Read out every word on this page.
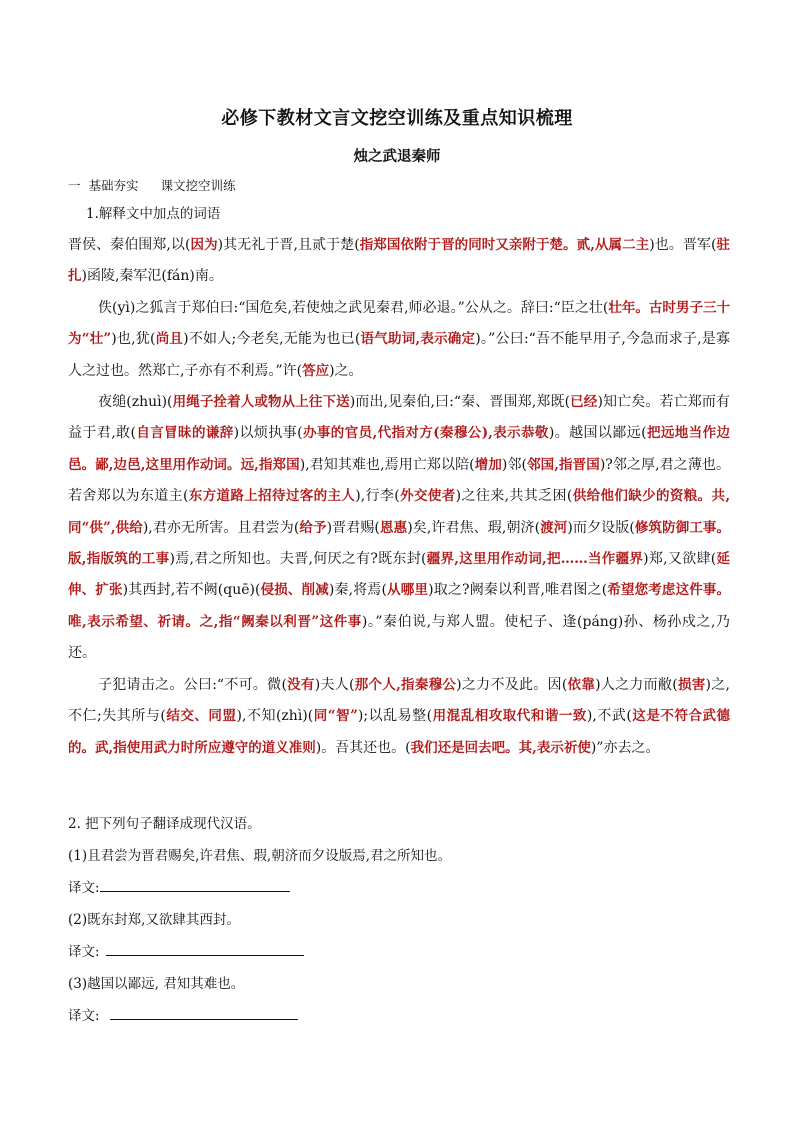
必修下教材文言文挖空训练及重点知识梳理
烛之武退秦师
一 基础夯实 课文挖空训练
1.解释文中加点的词语

晋侯、秦伯围郑,以(因为)其无礼于晋,且贰于楚(指郑国依附于晋的同时又亲附于楚。贰,从属二主)也。晋军(驻扎)函陵,秦军氾(fán)南。

佚(yì)之狐言于郑伯曰:“国危矣,若使烛之武见秦君,师必退。”公从之。辞曰:“臣之壮(壮年。古时男子三十为“壮”)也,犹(尚且)不如人;今老矣,无能为也已(语气助词,表示确定)。”公曰:“吾不能早用子,今急而求子,是寡人之过也。然郑亡,子亦有不利焉。”许(答应)之。

夜缒(zhuì)(用绳子拴着人或物从上往下送)而出,见秦伯,曰:“秦、晋围郑,郑既(已经)知亡矣。若亡郑而有益于君,敢(自言冒昧的谦辞)以烦执事(办事的官员,代指对方(秦穆公),表示恭敬)。越国以鄙远(把远地当作边邑。鄙,边邑,这里用作动词。远,指郑国),君知其难也,焉用亡郑以陪(增加)邻(邻国,指晋国)?邻之厚,君之薄也。若舍郑以为东道主(东方道路上招待过客的主人),行李(外交使者)之往来,共其乏困(供给他们缺少的资粮。共,同“供”,供给),君亦无所害。且君尝为(给予)晋君赐(恩惠)矣,许君焦、瑕,朝济(渡河)而夕设版(修筑防御工事。版,指版筑的工事)焉,君之所知也。夫晋,何厌之有?既东封(疆界,这里用作动词,把……当作疆界)郑,又欲肆(延伸、扩张)其西封,若不阙(quē)(侵损、削减)秦,将焉(从哪里)取之?阙秦以利晋,唯君图之(希望您考虑这件事。唯,表示希望、祈请。之,指“阙秦以利晋”这件事)。”秦伯说,与郑人盟。使杞子、逢(páng)孙、杨孙戍之,乃还。

子犯请击之。公曰:“不可。微(没有)夫人(那个人,指秦穆公)之力不及此。因(依靠)人之力而敝(损害)之,不仁;失其所与(结交、同盟),不知(zhì)(同“智”);以乱易整(用混乱相攻取代和谐一致),不武(这是不符合武德的。武,指使用武力时所应遵守的道义准则)。吾其还也。(我们还是回去吧。其,表示祈使)”亦去之。

2. 把下列句子翻译成现代汉语。
(1)且君尝为晋君赐矣,许君焦、瑕,朝济而夕设版焉,君之所知也。
译文:
(2)既东封郑,又欲肆其西封。
译文:
(3)越国以鄙远, 君知其难也。
译文:
